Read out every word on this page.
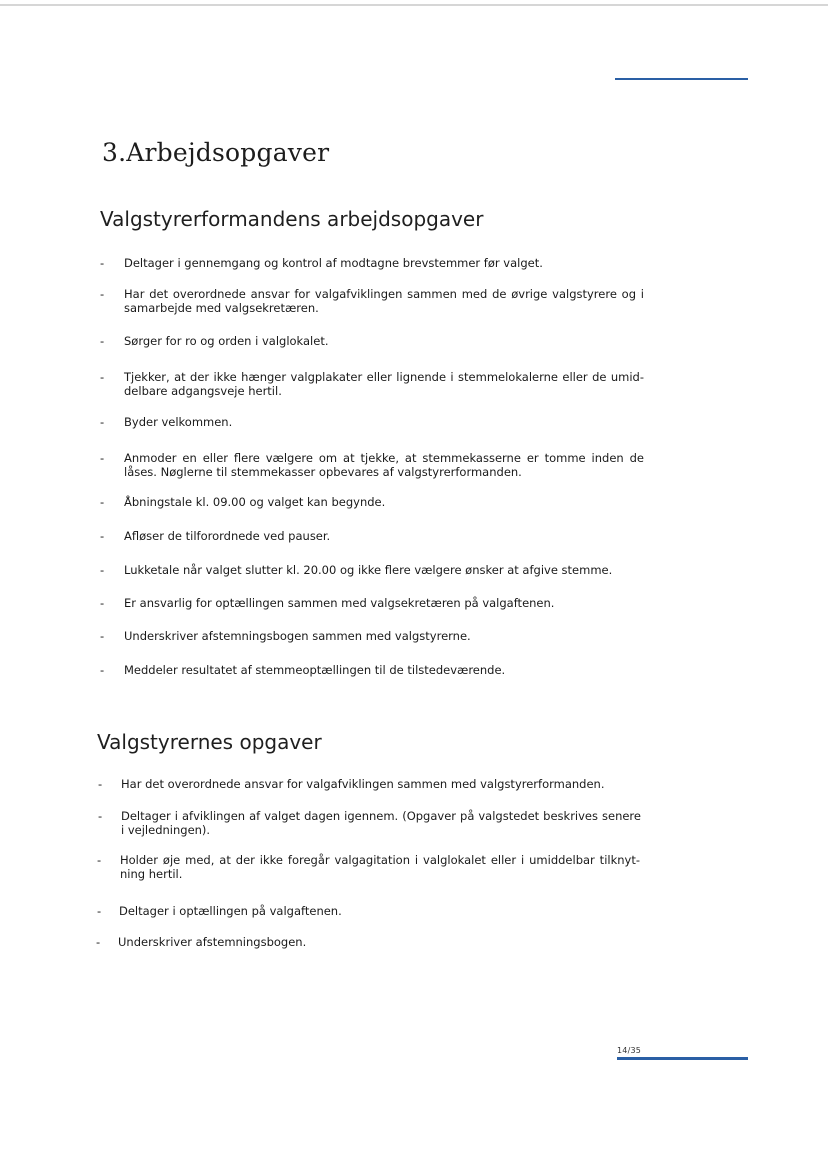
3.Arbejdsopgaver
Valgstyrerformandens arbejdsopgaver
- Deltager i gennemgang og kontrol af modtagne brevstemmer før valget.
- Har det overordnede ansvar for valgafviklingen sammen med de øvrige valgstyrere og i samarbejde med valgsekretæren.
- Sørger for ro og orden i valglokalet.
- Tjekker, at der ikke hænger valgplakater eller lignende i stemmelokalerne eller de umid-delbare adgangsveje hertil.
- Byder velkommen.
- Anmoder en eller flere vælgere om at tjekke, at stemmekasserne er tomme inden de låses. Nøglerne til stemmekasser opbevares af valgstyrerformanden.
- Åbningstale kl. 09.00 og valget kan begynde.
- Afløser de tilforordnede ved pauser.
- Lukketale når valget slutter kl. 20.00 og ikke flere vælgere ønsker at afgive stemme.
- Er ansvarlig for optællingen sammen med valgsekretæren på valgaftenen.
- Underskriver afstemningsbogen sammen med valgstyrerne.
- Meddeler resultatet af stemmeoptællingen til de tilstedeværende.
Valgstyrernes opgaver
- Har det overordnede ansvar for valgafviklingen sammen med valgstyrerformanden.
- Deltager i afviklingen af valget dagen igennem. (Opgaver på valgstedet beskrives senere i vejledningen).
- Holder øje med, at der ikke foregår valgagitation i valglokalet eller i umiddelbar tilknyt-ning hertil.
- Deltager i optællingen på valgaftenen.
- Underskriver afstemningsbogen.
14/35
